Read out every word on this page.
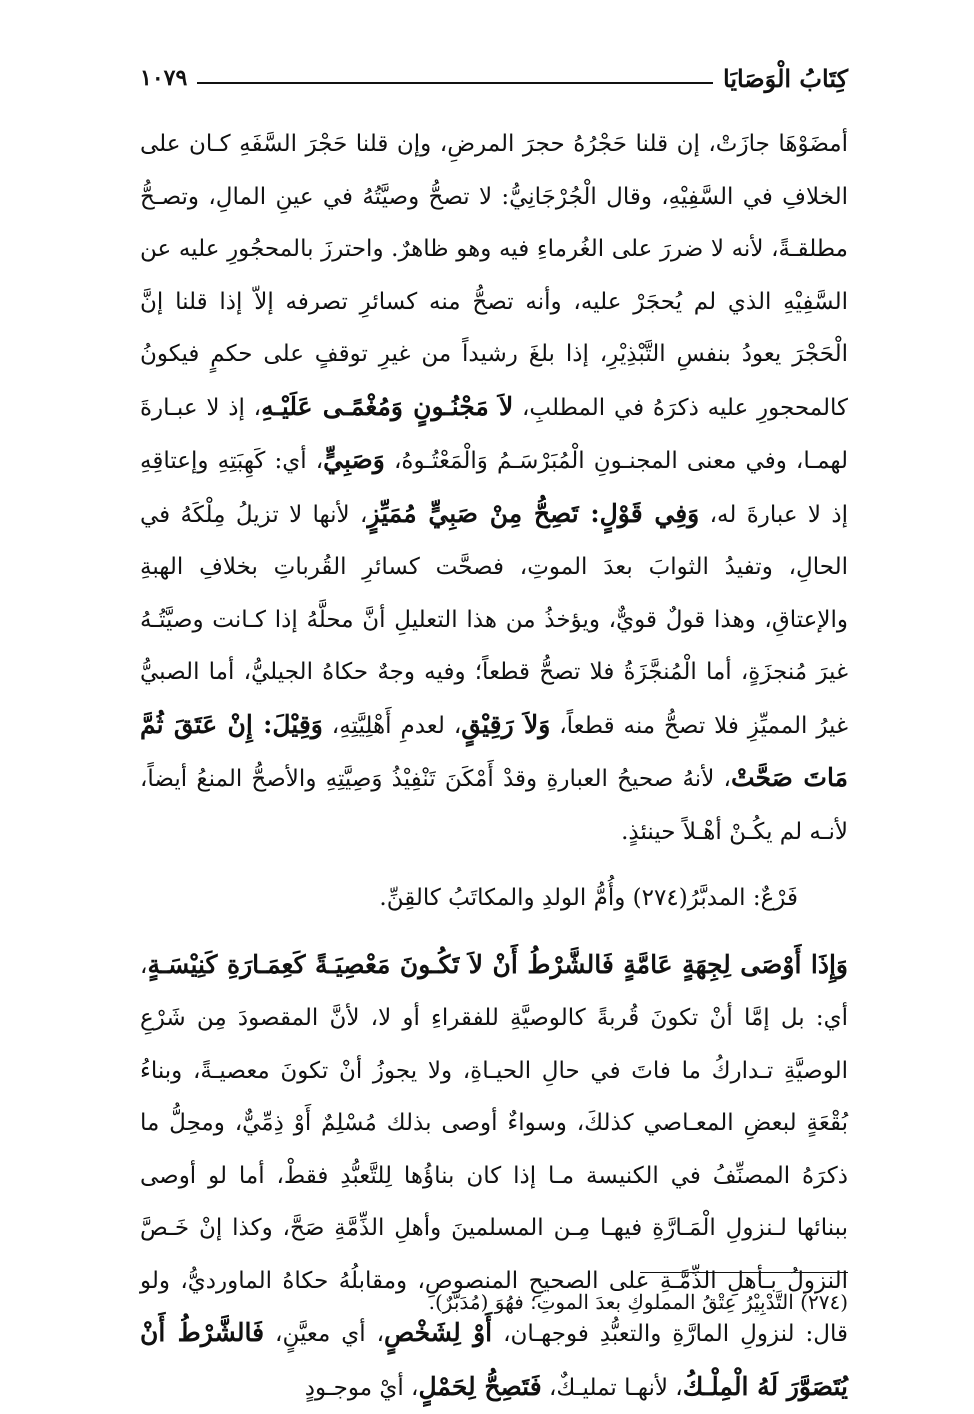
كِتَابُ الْوَصَايَا
١٠٧٩

أمضَوْهَا جازَتْ، إن قلنا حَجْرُهُ حجرَ المرضِ، وإن قلنا حَجْرَ السَّفَهِ كـان على الخلافِ في السَّفِيْهِ، وقال الْجُرْجَانِيُّ: لا تصحُّ وصيَّتُهُ في عينِ المالِ، وتصـحُّ مطلقـةً، لأنه لا ضررَ على الغُرماءِ فيه وهو ظاهرٌ. واحترزَ بالمحجُورِ عليه عن السَّفِيْهِ الذي لم يُحجَرْ عليه، وأنه تصحُّ منه كسائرِ تصرفه إلاّ إذا قلنا إنَّ الْحَجْرَ يعودُ بنفسِ التَّبْذِيْرِ، إذا بلغَ رشيداً من غيرِ توقفٍ على حكمٍ فيكونُ كالمحجورِ عليه ذكرَهُ في المطلبِ، لاَ مَجْنُـونٍ وَمُغْمًـى عَلَيْـهِ، إذ لا عبـارةَ لهمـا، وفي معنى المجنـونِ الْمُبَرْسَـمُ وَالْمَعْتُـوهُ، وَصَبِيٍّ، أي: كَهِبَتِهِ وإعتاقِهِ إذ لا عبارةَ له، وَفِي قَوْلٍ: تَصِحُّ مِنْ صَبِيٍّ مُمَيِّزٍ، لأنها لا تزيلُ مِلْكَهُ في الحالِ، وتفيدُ الثوابَ بعدَ الموتِ، فصحَّت كسائرِ القُرباتِ بخلافِ الهبةِ والإعتاقِ، وهذا قولٌ قويٌّ، ويؤخذُ من هذا التعليلِ أنَّ محلَّهُ إذا كـانت وصيَّتُـهُ غيرَ مُنجزَةٍ، أما الْمُنجَّزَةُ فلا تصحُّ قطعاً؛ وفيه وجهٌ حكاهُ الجيليُّ، أما الصبيُّ غيرُ المميِّزِ فلا تصحُّ منه قطعاً، وَلاَ رَقِيْقٍ، لعدمِ أَهْلِيَّتِهِ، وَقِيْلَ: إِنْ عَتَقَ ثُمَّ مَاتَ صَحَّتْ، لأنهُ صحيحُ العبارةِ وقدْ أَمْكَنَ تَنْفِيْذُ وَصِيَّتِهِ والأصحُّ المنعُ أيضاً، لأنـه لم يكُـنْ أهْـلاً حينئذٍ.

فَرْعٌ: المدبَّرُ(٢٧٤) وأُمُّ الولدِ والمكاتَبُ كالقِنِّ.

وَإِذَا أَوْصَى لِجِهَةٍ عَامَّةٍ فَالشَّرْطُ أَنْ لاَ تَكُـونَ مَعْصِيَـةً كَعِمَـارَةِ كَنِيْسَـةٍ، أي: بل إمَّا أنْ تكونَ قُربةً كالوصيَّةِ للفقراءِ أو لا، لأنَّ المقصودَ مِن شَرْعِ الوصيَّةِ تـداركُ ما فاتَ في حالِ الحيـاةِ، ولا يجوزُ أنْ تكونَ معصيـةً، وبناءُ بُقْعَةٍ لبعضِ المعـاصي كذلكَ، وسواءٌ أوصى بذلك مُسْلِمٌ أَوْ ذِمِّيٌّ، ومحِلُّ ما ذكرَهُ المصنِّفُ في الكنيسة مـا إذا كان بناؤُها لِلتَّعبُّدِ فقطْ، أما لو أوصى ببنائها لـنزولِ الْمَـارَّةِ فيهـا مِـن المسلمينَ وأهلِ الذِّمَّةِ صَحَّ، وكذا إنْ خَـصَّ النزولُ بـأهلِ الذِّمَّـةِ على الصحيحِ المنصوصِ، ومقابلُهُ حكاهُ الماورديُّ، ولو قال: لنزولِ المارَّةِ والتعبُّدِ فوجهـان، أَوْ لِشَخْصٍ، أي معيَّنٍ، فَالشَّرْطُ أَنْ يُتَصَوَّرَ لَهُ الْمِلْـكُ، لأنهـا تمليـكٌ، فَتَصِحُّ لِحَمْلٍ، أيْ موجـودٍ

(٢٧٤) التَّدْبِيْرُ عِتْقُ المملوكِ بعدَ الموتِ؛ فهُوَ (مُدَبَّرٌ).
